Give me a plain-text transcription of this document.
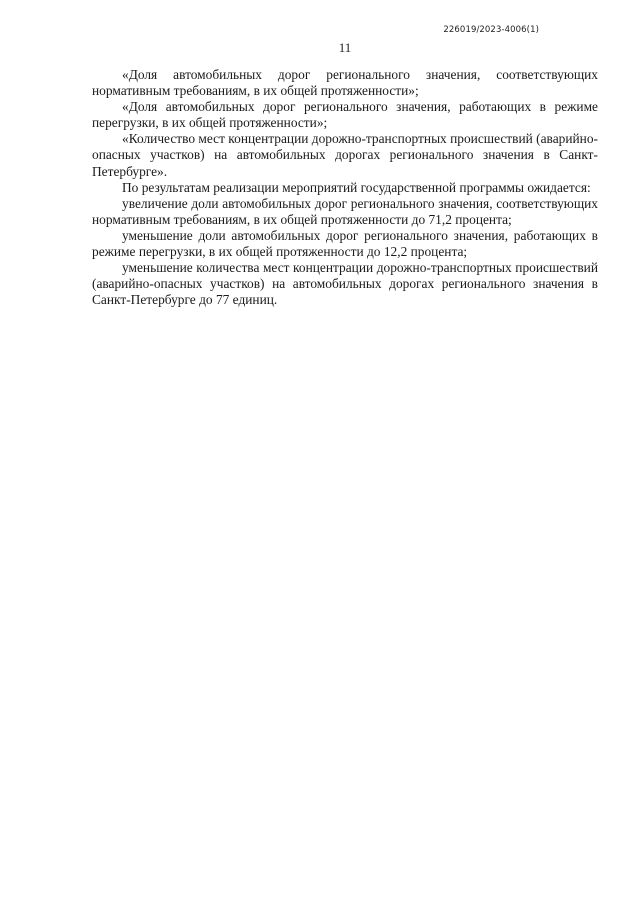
226019/2023-4006(1)
11

«Доля автомобильных дорог регионального значения, соответствующих нормативным требованиям, в их общей протяженности»;

«Доля автомобильных дорог регионального значения, работающих в режиме перегрузки, в их общей протяженности»;

«Количество мест концентрации дорожно-транспортных происшествий (аварийно-опасных участков) на автомобильных дорогах регионального значения в Санкт-Петербурге».

По результатам реализации мероприятий государственной программы ожидается:

увеличение доли автомобильных дорог регионального значения, соответствующих нормативным требованиям, в их общей протяженности до 71,2 процента;

уменьшение доли автомобильных дорог регионального значения, работающих в режиме перегрузки, в их общей протяженности до 12,2 процента;

уменьшение количества мест концентрации дорожно-транспортных происшествий (аварийно-опасных участков) на автомобильных дорогах регионального значения в Санкт-Петербурге до 77 единиц.
